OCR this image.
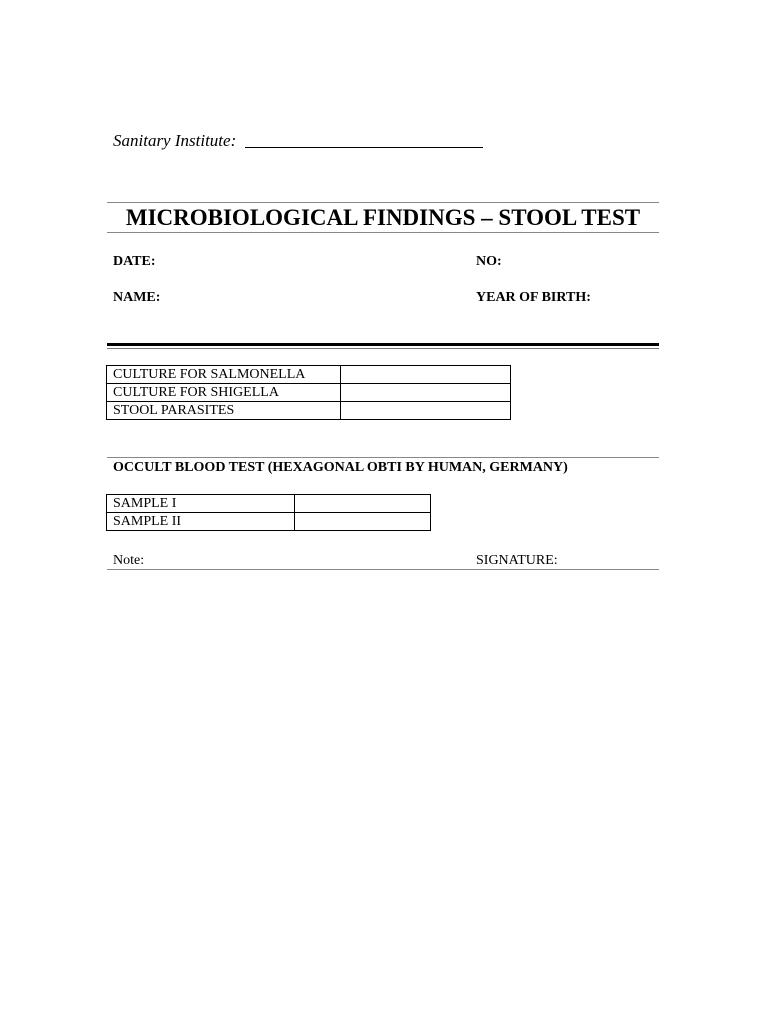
Sanitary Institute:
MICROBIOLOGICAL FINDINGS – STOOL TEST
DATE:	NO:
NAME:	YEAR OF BIRTH:
CULTURE FOR SALMONELLA	
CULTURE FOR SHIGELLA	
STOOL PARASITES	
OCCULT BLOOD TEST (HEXAGONAL OBTI BY HUMAN, GERMANY)
SAMPLE I	
SAMPLE II	
Note:	SIGNATURE:
